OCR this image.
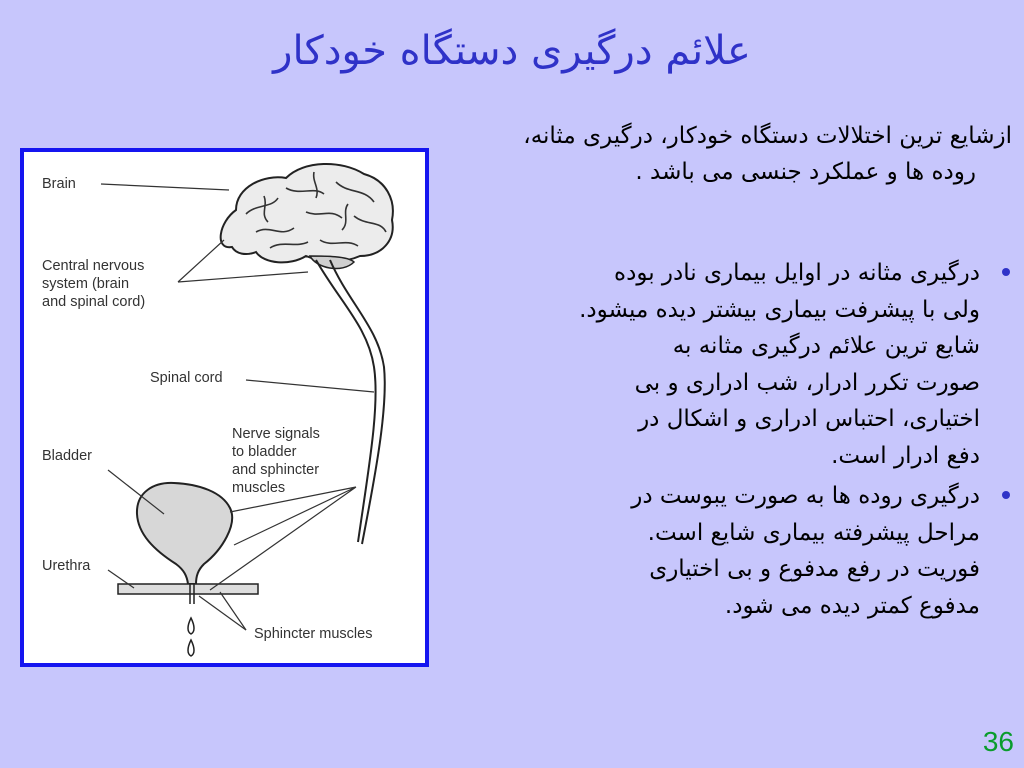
علائم درگیری دستگاه خودکار
ازشایع ترین اختلالات دستگاه خودکار، درگیری مثانه،
روده ها و عملکرد جنسی می باشد .
درگیری مثانه در اوایل بیماری نادر بوده
ولی با پیشرفت بیماری بیشتر دیده میشود.
شایع ترین علائم درگیری مثانه به
صورت تکرر ادرار، شب ادراری و بی
اختیاری، احتباس ادراری و اشکال در
دفع ادرار است.
درگیری روده ها به صورت یبوست در
مراحل پیشرفته بیماری شایع است.
فوریت در رفع مدفوع و بی اختیاری
مدفوع کمتر دیده می شود.
Brain
Central nervous
system (brain
and spinal cord)
Spinal cord
Nerve signals
to bladder
and sphincter
muscles
Bladder
Urethra
Sphincter muscles
36
